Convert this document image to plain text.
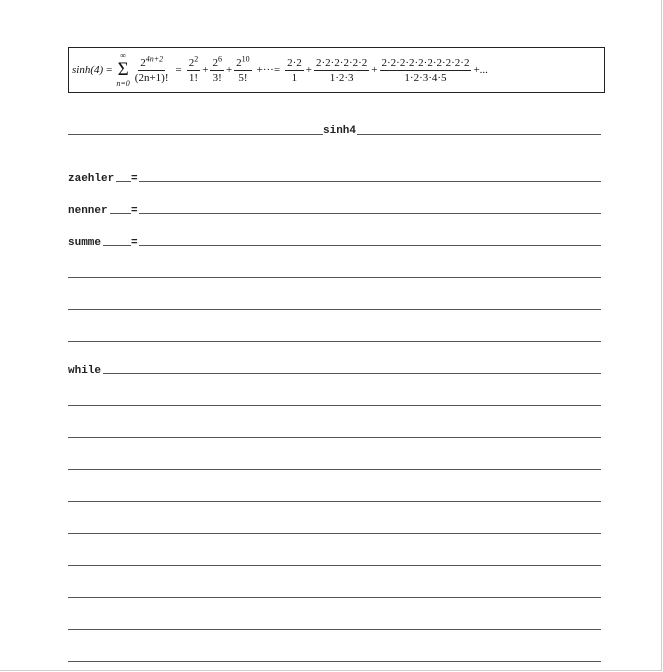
sinh(4) =
∞
Σ
$n=0 \frac{2^{4n+2}}{(2n+1)!} = \frac{2^2}{1!} + \frac{2^6}{3!} + \frac{2^{10}}{5!}$ +···= $\frac{2\cdot 2}{1} + \frac{2\cdot 2\cdot 2\cdot 2\cdot 2\cdot 2}{1\cdot 2\cdot 3} + \frac{2\cdot 2\cdot 2\cdot 2\cdot 2\cdot 2\cdot 2\cdot 2\cdot 2\cdot 2}{1\cdot 2\cdot 3\cdot 4\cdot 5}$ +...
sinh4
zaehler =
nenner =
summe	=
while
